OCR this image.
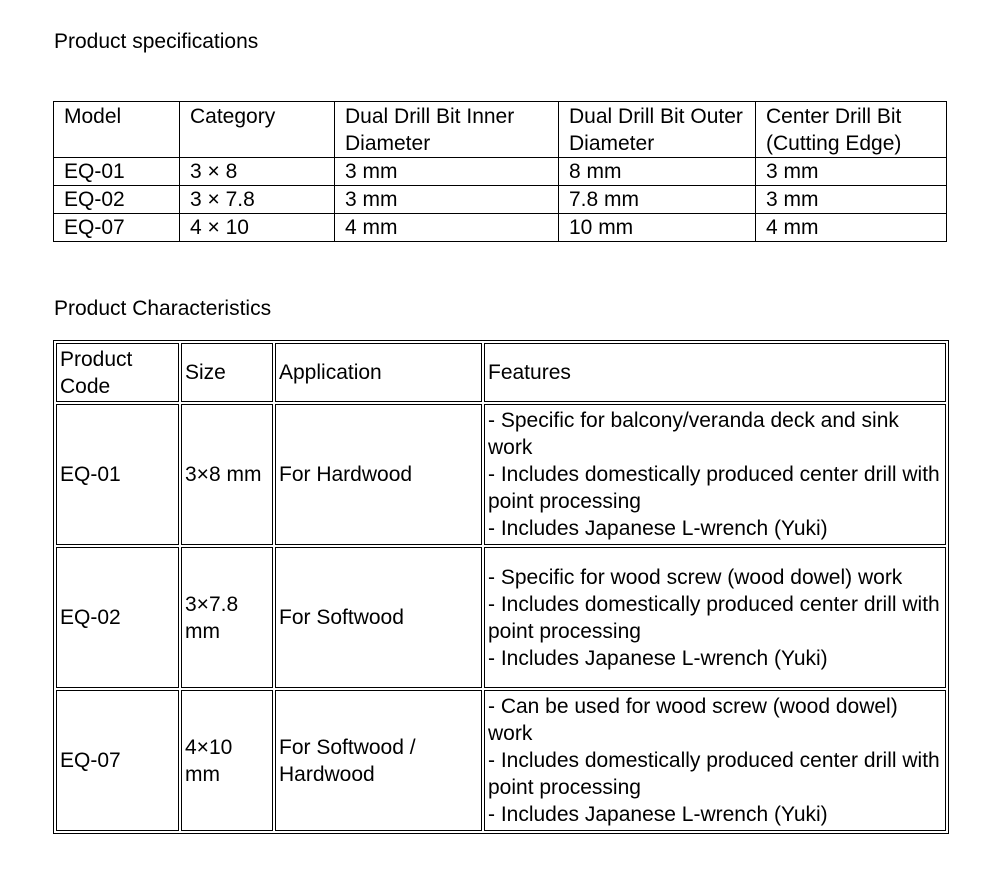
Product specifications
Model	Category	Dual Drill Bit Inner Diameter	Dual Drill Bit Outer Diameter	Center Drill Bit (Cutting Edge)
EQ-01	3 × 8	3 mm	8 mm	3 mm
EQ-02	3 × 7.8	3 mm	7.8 mm	3 mm
EQ-07	4 × 10	4 mm	10 mm	4 mm
Product Characteristics
Product Code	Size	Application	Features
EQ-01	3×8 mm	For Hardwood	- Specific for balcony/veranda deck and sink work
- Includes domestically produced center drill with point processing
- Includes Japanese L-wrench (Yuki)

EQ-02	3×7.8 mm	For Softwood	- Specific for wood screw (wood dowel) work
- Includes domestically produced center drill with point processing
- Includes Japanese L-wrench (Yuki)

EQ-07	4×10 mm	For Softwood / Hardwood	- Can be used for wood screw (wood dowel) work
- Includes domestically produced center drill with point processing
- Includes Japanese L-wrench (Yuki)
